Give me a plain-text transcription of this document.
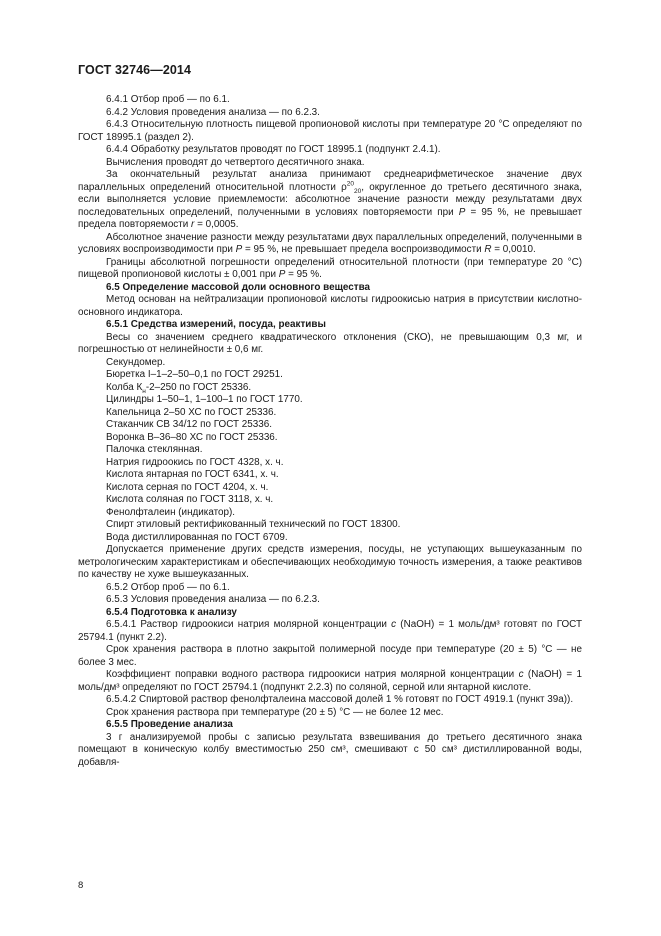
ГОСТ 32746—2014

6.4.1 Отбор проб — по 6.1.

6.4.2 Условия проведения анализа — по 6.2.3.

6.4.3 Относительную плотность пищевой пропионовой кислоты при температуре 20 °С определяют по ГОСТ 18995.1 (раздел 2).

6.4.4 Обработку результатов проводят по ГОСТ 18995.1 (подпункт 2.4.1).

Вычисления проводят до четвертого десятичного знака.

За окончательный результат анализа принимают среднеарифметическое значение двух параллельных определений относительной плотности $\rho^{20}_{20}$, округленное до третьего десятичного знака, если выполняется условие приемлемости: абсолютное значение разности между результатами двух последовательных определений, полученными в условиях повторяемости при P = 95 %, не превышает предела повторяемости r = 0,0005.

Абсолютное значение разности между результатами двух параллельных определений, полученными в условиях воспроизводимости при P = 95 %, не превышает предела воспроизводимости R = 0,0010.

Границы абсолютной погрешности определений относительной плотности (при температуре 20 °С) пищевой пропионовой кислоты ± 0,001 при P = 95 %.

6.5 Определение массовой доли основного вещества

Метод основан на нейтрализации пропионовой кислоты гидроокисью натрия в присутствии кислотно-основного индикатора.

6.5.1 Средства измерений, посуда, реактивы

Весы со значением среднего квадратического отклонения (СКО), не превышающим 0,3 мг, и погрешностью от нелинейности ± 0,6 мг.

Секундомер.

Бюретка I–1–2–50–0,1 по ГОСТ 29251.

Колба $К_н-2-250$ по ГОСТ 25336.

Цилиндры 1–50–1, 1–100–1 по ГОСТ 1770.

Капельница 2–50 ХС по ГОСТ 25336.

Стаканчик СВ 34/12 по ГОСТ 25336.

Воронка В–36–80 ХС по ГОСТ 25336.

Палочка стеклянная.

Натрия гидроокись по ГОСТ 4328, х. ч.

Кислота янтарная по ГОСТ 6341, х. ч.

Кислота серная по ГОСТ 4204, х. ч.

Кислота соляная по ГОСТ 3118, х. ч.

Фенолфталеин (индикатор).

Спирт этиловый ректификованный технический по ГОСТ 18300.

Вода дистиллированная по ГОСТ 6709.

Допускается применение других средств измерения, посуды, не уступающих вышеуказанным по метрологическим характеристикам и обеспечивающих необходимую точность измерения, а также реактивов по качеству не хуже вышеуказанных.

6.5.2 Отбор проб — по 6.1.

6.5.3 Условия проведения анализа — по 6.2.3.

6.5.4 Подготовка к анализу

6.5.4.1 Раствор гидроокиси натрия молярной концентрации c (NaOH) = 1 моль/дм³ готовят по ГОСТ 25794.1 (пункт 2.2).

Срок хранения раствора в плотно закрытой полимерной посуде при температуре (20 ± 5) °С — не более 3 мес.

Коэффициент поправки водного раствора гидроокиси натрия молярной концентрации c (NaOH) = 1 моль/дм³ определяют по ГОСТ 25794.1 (подпункт 2.2.3) по соляной, серной или янтарной кислоте.

6.5.4.2 Спиртовой раствор фенолфталеина массовой долей 1 % готовят по ГОСТ 4919.1 (пункт 39а)).

Срок хранения раствора при температуре (20 ± 5) °С — не более 12 мес.

6.5.5 Проведение анализа

3 г анализируемой пробы с записью результата взвешивания до третьего десятичного знака помещают в коническую колбу вместимостью 250 см³, смешивают с 50 см³ дистиллированной воды, добавля-

8
